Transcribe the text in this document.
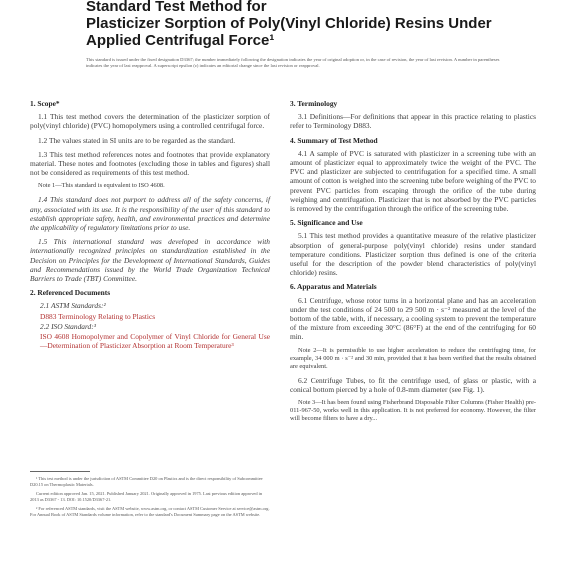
Standard Test Method for
Plasticizer Sorption of Poly(Vinyl Chloride) Resins Under
Applied Centrifugal Force¹
This standard is issued under the fixed designation D3367; the number immediately following the designation indicates the year of original adoption or, in the case of revision, the year of last revision. A number in parentheses indicates the year of last reapproval. A superscript epsilon (ε) indicates an editorial change since the last revision or reapproval.

1. Scope*

1.1 This test method covers the determination of the plasticizer sorption of poly(vinyl chloride) (PVC) homopolymers using a controlled centrifugal force.

1.2 The values stated in SI units are to be regarded as the standard.

1.3 This test method references notes and footnotes that provide explanatory material. These notes and footnotes (excluding those in tables and figures) shall not be considered as requirements of this test method.

Note 1—This standard is equivalent to ISO 4608.

1.4 This standard does not purport to address all of the safety concerns, if any, associated with its use. It is the responsibility of the user of this standard to establish appropriate safety, health, and environmental practices and determine the applicability of regulatory limitations prior to use.

1.5 This international standard was developed in accordance with internationally recognized principles on standardization established in the Decision on Principles for the Development of International Standards, Guides and Recommendations issued by the World Trade Organization Technical Barriers to Trade (TBT) Committee.

2. Referenced Documents

2.1 ASTM Standards:²

D883 Terminology Relating to Plastics

2.2 ISO Standard:³

ISO 4608 Homopolymer and Copolymer of Vinyl Chloride for General Use—Determination of Plasticizer Absorption at Room Temperature³

¹ This test method is under the jurisdiction of ASTM Committee D20 on Plastics and is the direct responsibility of Subcommittee D20.15 on Thermoplastic Materials.

Current edition approved Jan. 15, 2021. Published January 2021. Originally approved in 1975. Last previous edition approved in 2013 as D3367 - 13. DOI: 10.1520/D3367-21.

² For referenced ASTM standards, visit the ASTM website, www.astm.org, or contact ASTM Customer Service at service@astm.org. For Annual Book of ASTM Standards volume information, refer to the standard's Document Summary page on the ASTM website.

3. Terminology

3.1 Definitions—For definitions that appear in this practice relating to plastics refer to Terminology D883.

4. Summary of Test Method

4.1 A sample of PVC is saturated with plasticizer in a screening tube with an amount of plasticizer equal to approximately twice the weight of the PVC. The PVC and plasticizer are subjected to centrifugation for a specified time. A small amount of cotton is weighed into the screening tube before weighing of the PVC to prevent PVC particles from escaping through the orifice of the tube during weighing and centrifugation. Plasticizer that is not absorbed by the PVC particles is removed by the centrifugation through the orifice of the screening tube.

5. Significance and Use

5.1 This test method provides a quantitative measure of the relative plasticizer absorption of general-purpose poly(vinyl chloride) resins under standard temperature conditions. Plasticizer sorption thus defined is one of the criteria useful for the description of the powder blend characteristics of poly(vinyl chloride) resins.

6. Apparatus and Materials

6.1 Centrifuge, whose rotor turns in a horizontal plane and has an acceleration under the test conditions of 24 500 to 29 500 m · s⁻² measured at the level of the bottom of the table, with, if necessary, a cooling system to prevent the temperature of the mixture from exceeding 30°C (86°F) at the end of the centrifuging for 60 min.

Note 2—It is permissible to use higher acceleration to reduce the centrifuging time, for example, 34 000 m · s⁻² and 30 min, provided that it has been verified that the results obtained are equivalent.

6.2 Centrifuge Tubes, to fit the centrifuge used, of glass or plastic, with a conical bottom pierced by a hole of 0.8-mm diameter (see Fig. 1).

Note 3—It has been found using Fisherbrand Disposable Filter Columns (Fisher Health) pre-011-967-50, works well in this application. It is not preferred for economy. However, the filter will become filters to have a dry...
